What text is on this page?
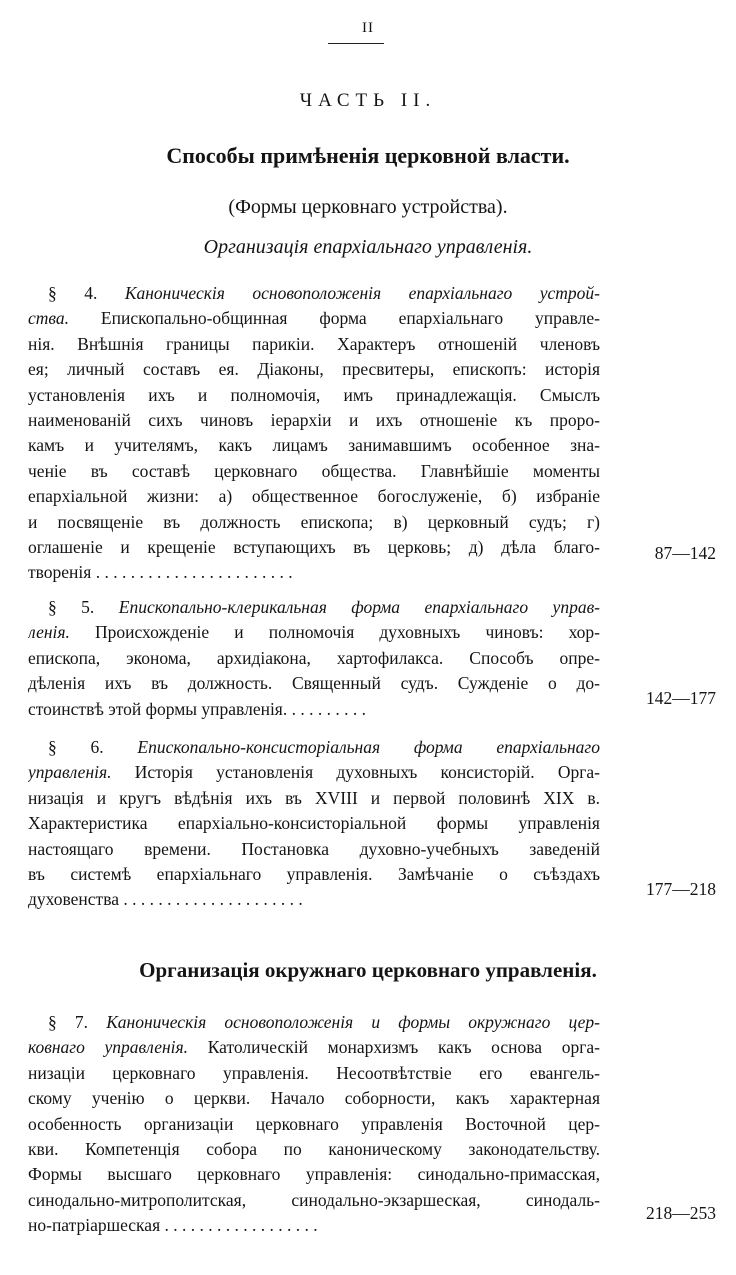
II
ЧАСТЬ II.
Способы примѣненія церковной власти.
(Формы церковнаго устройства).
Организація епархіальнаго управленія.
§ 4. Каноническія основоположенія епархіальнаго устрой-
ства. Епископально-общинная форма епархіальнаго управле-
нія. Внѣшнія границы парикіи. Характеръ отношеній членовъ
ея; личный составъ ея. Діаконы, пресвитеры, епископъ: исторія
установленія ихъ и полномочія, имъ принадлежащія. Смыслъ
наименованій сихъ чиновъ іерархіи и ихъ отношеніе къ проро-
камъ и учителямъ, какъ лицамъ занимавшимъ особенное зна-
ченіе въ составѣ церковнаго общества. Главнѣйшіе моменты
епархіальной жизни: а) общественное богослуженіе, б) избраніе
и посвященіе въ должность епископа; в) церковный судъ; г)
оглашеніе и крещеніе вступающихъ въ церковь; д) дѣла благо-
творенія . . . . . . . . . . . . . . . . . . . . . . .
87—142
§ 5. Епископально-клерикальная форма епархіальнаго управ-
ленія. Происхожденіе и полномочія духовныхъ чиновъ: хор-
епископа, эконома, архидіакона, хартофилакса. Способъ опре-
дѣленія ихъ въ должность. Священный судъ. Сужденіе о до-
стоинствѣ этой формы управленія. . . . . . . . . .
142—177
§ 6. Епископально-консисторіальная форма епархіальнаго
управленія. Исторія установленія духовныхъ консисторій. Орга-
низація и кругъ вѣдѣнія ихъ въ XVIII и первой половинѣ XIX в.
Характеристика епархіально-консисторіальной формы управленія
настоящаго времени. Постановка духовно-учебныхъ заведеній
въ системѣ епархіальнаго управленія. Замѣчаніе о съѣздахъ
духовенства . . . . . . . . . . . . . . . . . . . . .
177—218
Организація окружнаго церковнаго управленія.
§ 7. Каноническія основоположенія и формы окружнаго цер-
ковнаго управленія. Католическій монархизмъ какъ основа орга-
низаціи церковнаго управленія. Несоотвѣтствіе его евангель-
скому ученію о церкви. Начало соборности, какъ характерная
особенность организаціи церковнаго управленія Восточной цер-
кви. Компетенція собора по каноническому законодательству.
Формы высшаго церковнаго управленія: синодально-примасская,
синодально-митрополитская, синодально-экзаршеская, синодаль-
но-патріаршеская . . . . . . . . . . . . . . . . . .
218—253
